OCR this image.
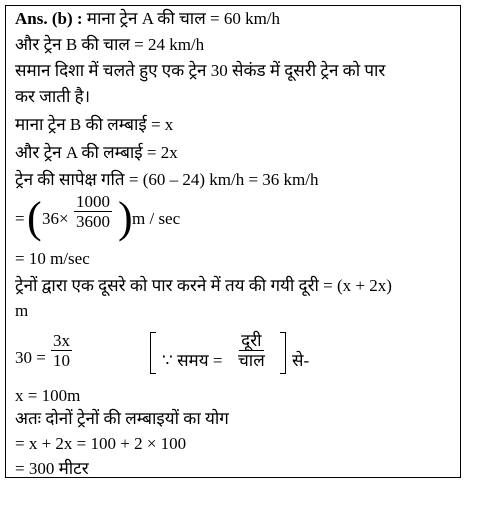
Ans. (b) : माना ट्रेन A की चाल = 60 km/h
और ट्रेन B की चाल = 24 km/h
समान दिशा में चलते हुए एक ट्रेन 30 सेकंड में दूसरी ट्रेन को पार
कर जाती है।
माना ट्रेन B की लम्बाई = x
और ट्रेन A की लम्बाई = 2x
ट्रेन की सापेक्ष गति = (60 – 24) km/h = 36 km/h
= ( $36\times \frac{1000}{3600}$ ) m / sec
= 10 m/sec
ट्रेनों द्वारा एक दूसरे को पार करने में तय की गयी दूरी = (x + 2x)
m
$30 = \frac{3x}{10}$	∵ समय =
दूरी
चाल से-
x = 100m
अतः दोनों ट्रेनों की लम्बाइयों का योग
= x + 2x = 100 + 2 × 100
= 300 मीटर
